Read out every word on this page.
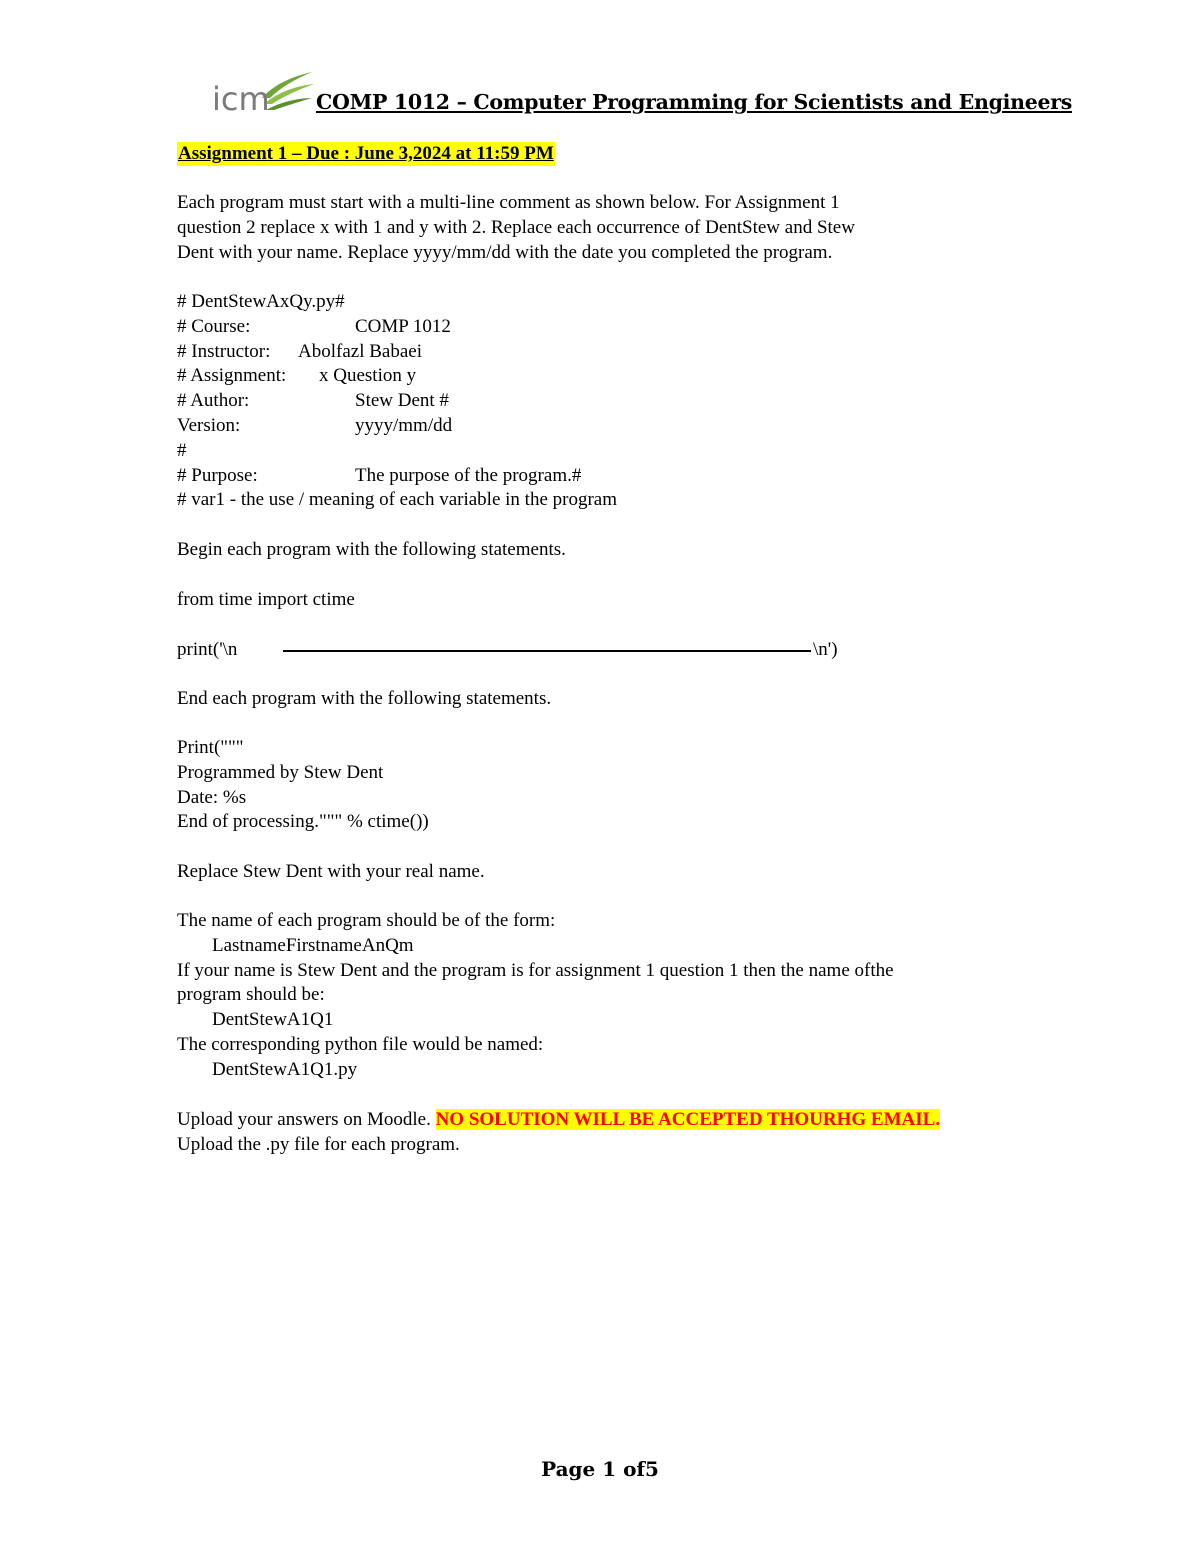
icm COMP 1012 – Computer Programming for Scientists and Engineers
Assignment 1 – Due : June 3,2024 at 11:59 PM
Each program must start with a multi-line comment as shown below. For Assignment 1
question 2 replace x with 1 and y with 2. Replace each occurrence of DentStew and Stew
Dent with your name. Replace yyyy/mm/dd with the date you completed the program.
# DentStewAxQy.py#
# Course:	COMP 1012
# Instructor: Abolfazl Babaei
# Assignment: x Question y
# Author:	Stew Dent #
Version:	yyyy/mm/dd
#
# Purpose:	The purpose of the program.#
# var1 - the use / meaning of each variable in the program
Begin each program with the following statements.
from time import ctime
print('\n	\n')
End each program with the following statements.
Print("""
Programmed by Stew Dent
Date: %s
End of processing.""" % ctime())
Replace Stew Dent with your real name.
The name of each program should be of the form:
LastnameFirstnameAnQm
If your name is Stew Dent and the program is for assignment 1 question 1 then the name ofthe
program should be:
DentStewA1Q1
The corresponding python file would be named:
DentStewA1Q1.py
Upload your answers on Moodle. NO SOLUTION WILL BE ACCEPTED THOURHG EMAIL.
Upload the .py file for each program.
Page 1 of5
